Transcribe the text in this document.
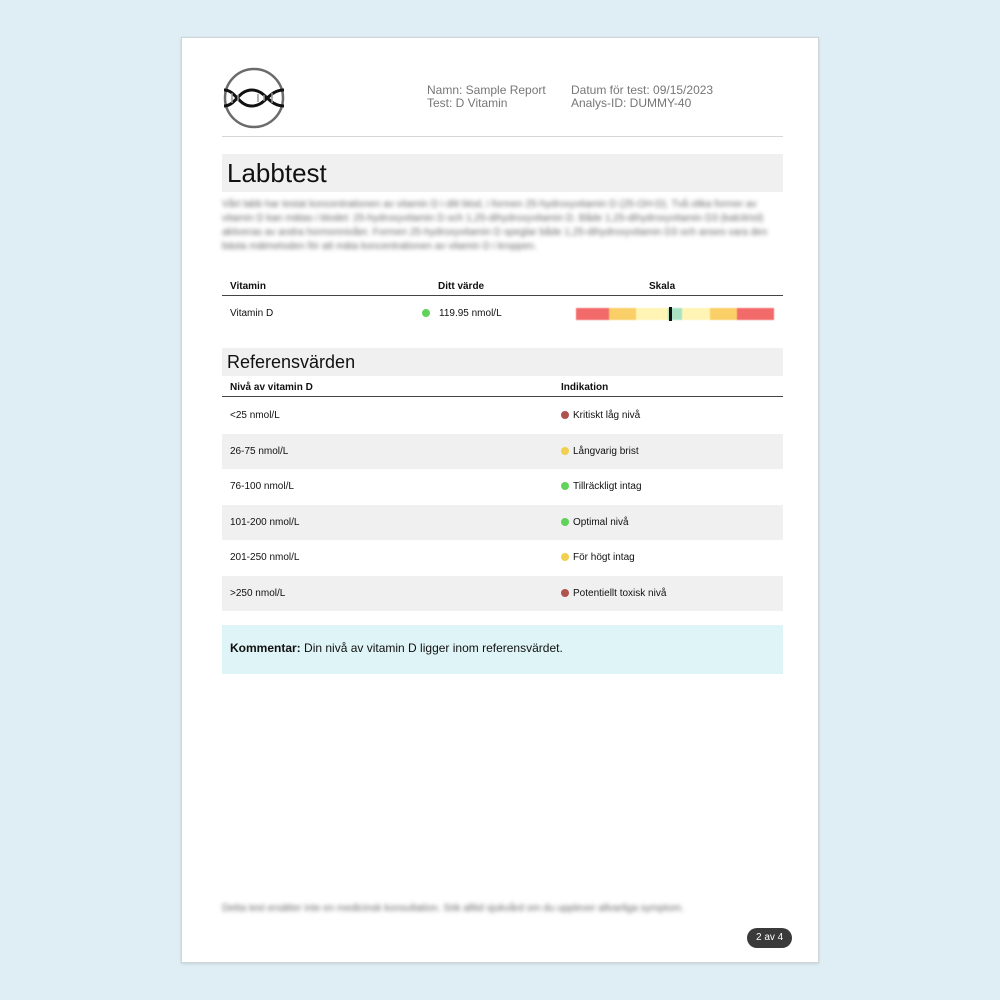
Namn: Sample Report
Test: D Vitamin
Datum för test: 09/15/2023
Analys-ID: DUMMY-40
Labbtest
Vårt labb har testat koncentrationen av vitamin D i ditt blod, i formen 25-hydroxyvitamin D (25-OH-D). Två olika former av vitamin D kan mätas i blodet: 25-hydroxyvitamin D och 1,25-dihydroxyvitamin D. Både 1,25-dihydroxyvitamin D3 (kalcitriol) aktiveras av andra hormonnivåer. Formen 25-hydroxyvitamin D speglar både 1,25-dihydroxyvitamin D3 och anses vara den bästa mätmetoden för att mäta koncentrationen av vitamin D i kroppen.
Vitamin	Ditt värde	Skala
Vitamin D	119.95 nmol/L
Referensvärden
Nivå av vitamin D	Indikation
<25 nmol/L	Kritiskt låg nivå
26-75 nmol/L	Långvarig brist
76-100 nmol/L	Tillräckligt intag
101-200 nmol/L	Optimal nivå
201-250 nmol/L	För högt intag
>250 nmol/L	Potentiellt toxisk nivå
Kommentar: Din nivå av vitamin D ligger inom referensvärdet.
Detta test ersätter inte en medicinsk konsultation. Sök alltid sjukvård om du upplever allvarliga symptom.
2 av 4
